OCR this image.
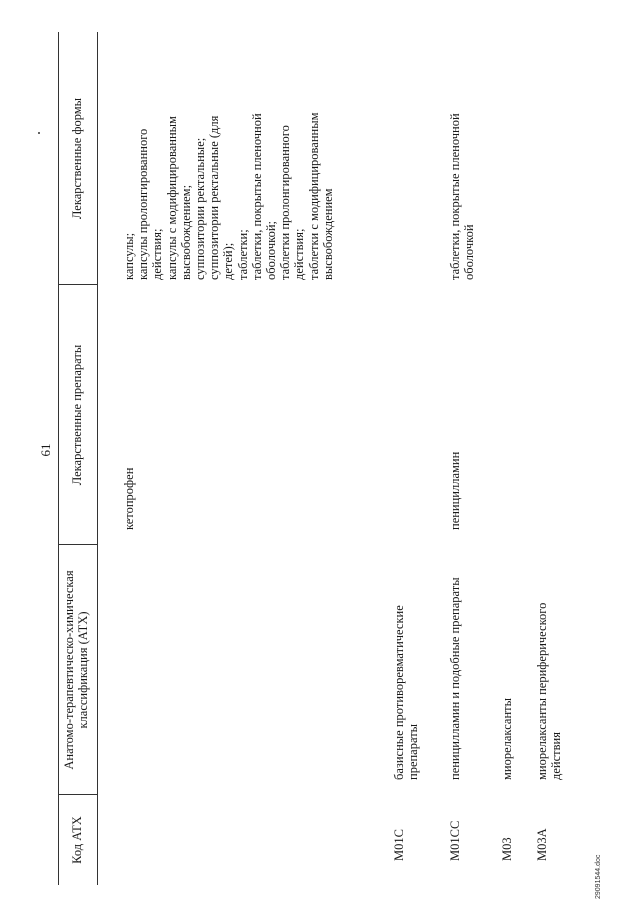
61
Код АТХ
Анатомо-терапевтическо-химическая классификация (АТХ)
Лекарственные препараты
Лекарственные формы
кетопрофен
капсулы;
капсулы пролонгированного действия;
капсулы с модифицированным высвобождением;
суппозитории ректальные;
суппозитории ректальные (для детей);
таблетки;
таблетки, покрытые пленочной оболочкой;
таблетки пролонгированного действия;
таблетки с модифицированным высвобождением
M01C
базисные противоревматические препараты
M01CC
пеницилламин и подобные препараты
пеницилламин
таблетки, покрытые пленочной оболочкой
M03
миорелаксанты
M03A
миорелаксанты периферического действия
29091544.doc
